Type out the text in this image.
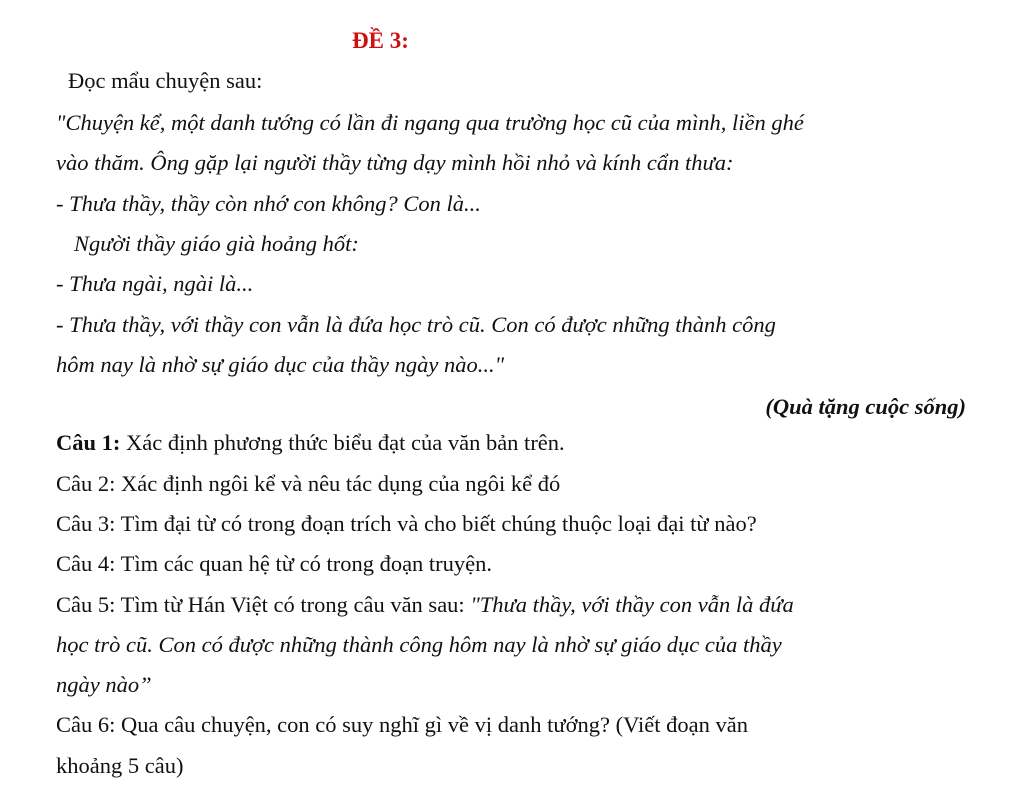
ĐỀ 3:
Đọc mẩu chuyện sau:
"Chuyện kể, một danh tướng có lần đi ngang qua trường học cũ của mình, liền ghé
vào thăm. Ông gặp lại người thầy từng dạy mình hồi nhỏ và kính cẩn thưa:
- Thưa thầy, thầy còn nhớ con không? Con là...
Người thầy giáo già hoảng hốt:
- Thưa ngài, ngài là...
- Thưa thầy, với thầy con vẫn là đứa học trò cũ. Con có được những thành công
hôm nay là nhờ sự giáo dục của thầy ngày nào..."
(Quà tặng cuộc sống)
Câu 1: Xác định phương thức biểu đạt của văn bản trên.
Câu 2: Xác định ngôi kể và nêu tác dụng của ngôi kể đó
Câu 3: Tìm đại từ có trong đoạn trích và cho biết chúng thuộc loại đại từ nào?
Câu 4: Tìm các quan hệ từ có trong đoạn truyện.
Câu 5: Tìm từ Hán Việt có trong câu văn sau: "Thưa thầy, với thầy con vẫn là đứa
học trò cũ. Con có được những thành công hôm nay là nhờ sự giáo dục của thầy
ngày nào”
Câu 6: Qua câu chuyện, con có suy nghĩ gì về vị danh tướng? (Viết đoạn văn
khoảng 5 câu)
